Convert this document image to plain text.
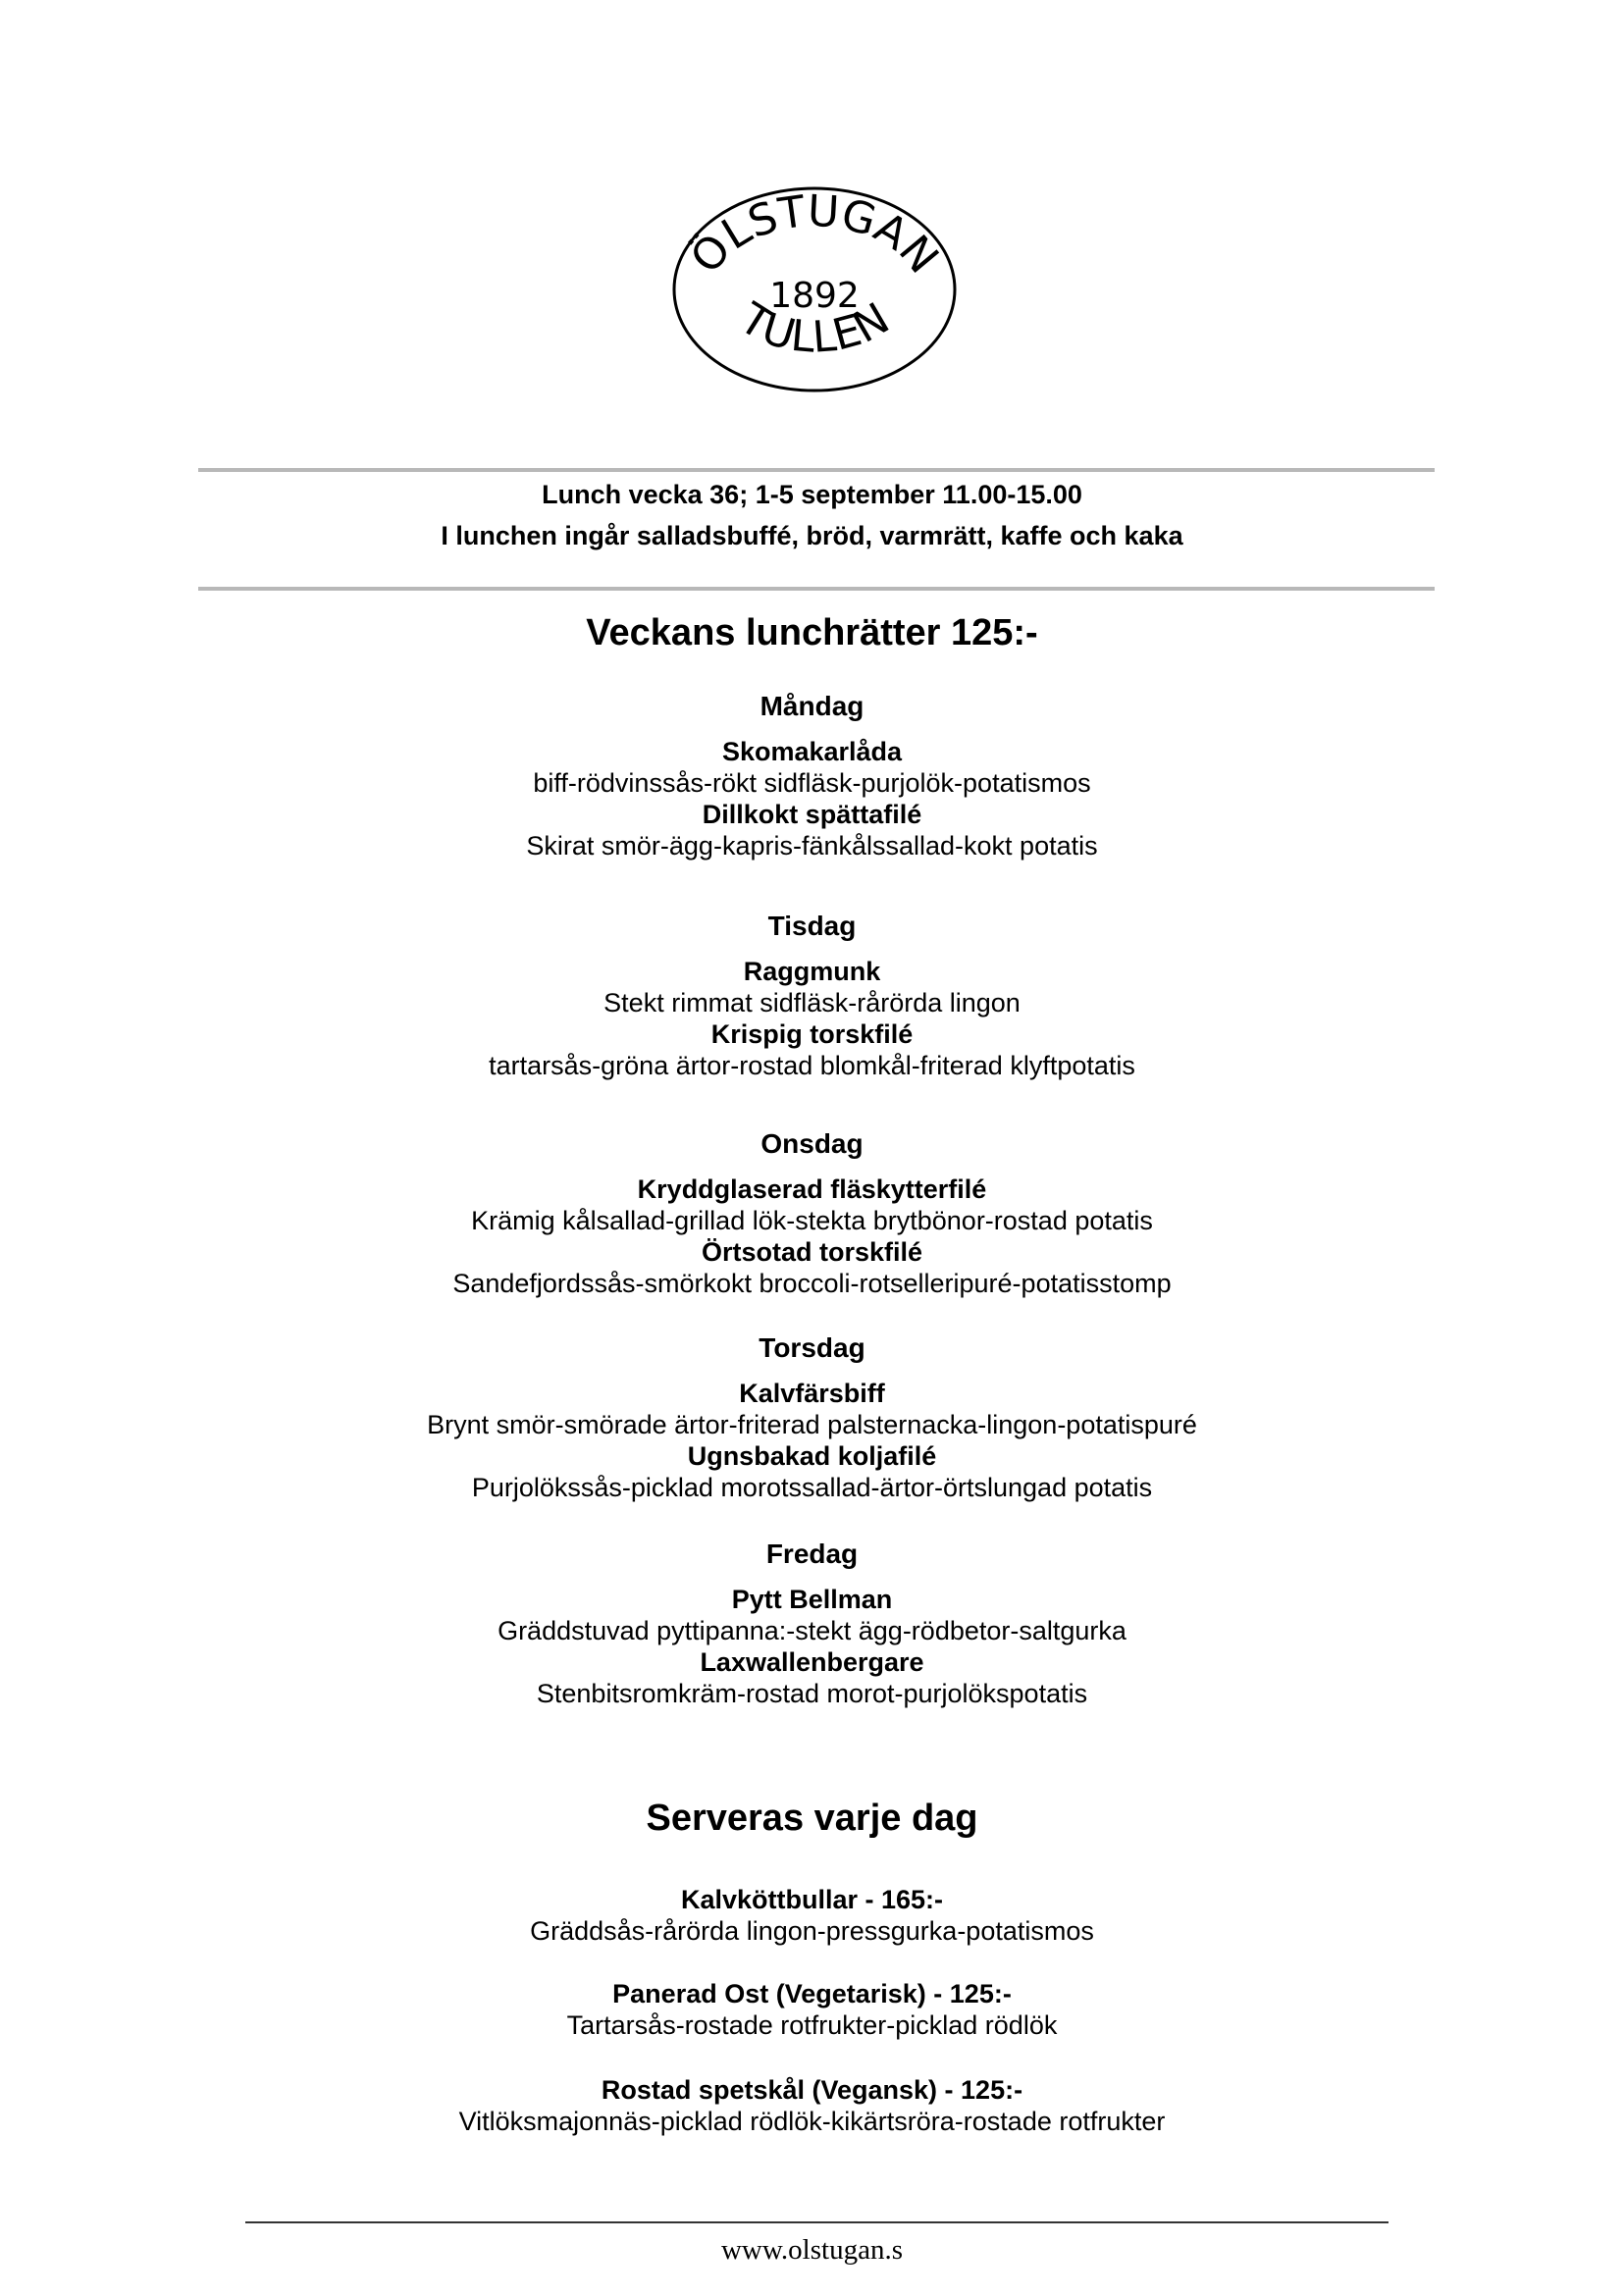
ÖLSTUGAN
1892
TULLEN
Lunch vecka 36; 1-5 september 11.00-15.00
I lunchen ingår salladsbuffé, bröd, varmrätt, kaffe och kaka
Veckans lunchrätter 125:-
Måndag
Skomakarlåda
biff-rödvinssås-rökt sidfläsk-purjolök-potatismos
Dillkokt spättafilé
Skirat smör-ägg-kapris-fänkålssallad-kokt potatis
Tisdag
Raggmunk
Stekt rimmat sidfläsk-rårörda lingon
Krispig torskfilé
tartarsås-gröna ärtor-rostad blomkål-friterad klyftpotatis
Onsdag
Kryddglaserad fläskytterfilé
Krämig kålsallad-grillad lök-stekta brytbönor-rostad potatis
Örtsotad torskfilé
Sandefjordssås-smörkokt broccoli-rotselleripuré-potatisstomp
Torsdag
Kalvfärsbiff
Brynt smör-smörade ärtor-friterad palsternacka-lingon-potatispuré
Ugnsbakad koljafilé
Purjolökssås-picklad morotssallad-ärtor-örtslungad potatis
Fredag
Pytt Bellman
Gräddstuvad pyttipanna:-stekt ägg-rödbetor-saltgurka
Laxwallenbergare
Stenbitsromkräm-rostad morot-purjolökspotatis
Serveras varje dag
Kalvköttbullar - 165:-
Gräddsås-rårörda lingon-pressgurka-potatismos
Panerad Ost (Vegetarisk) - 125:-
Tartarsås-rostade rotfrukter-picklad rödlök
Rostad spetskål (Vegansk) - 125:-
Vitlöksmajonnäs-picklad rödlök-kikärtsröra-rostade rotfrukter
www.olstugan.s
